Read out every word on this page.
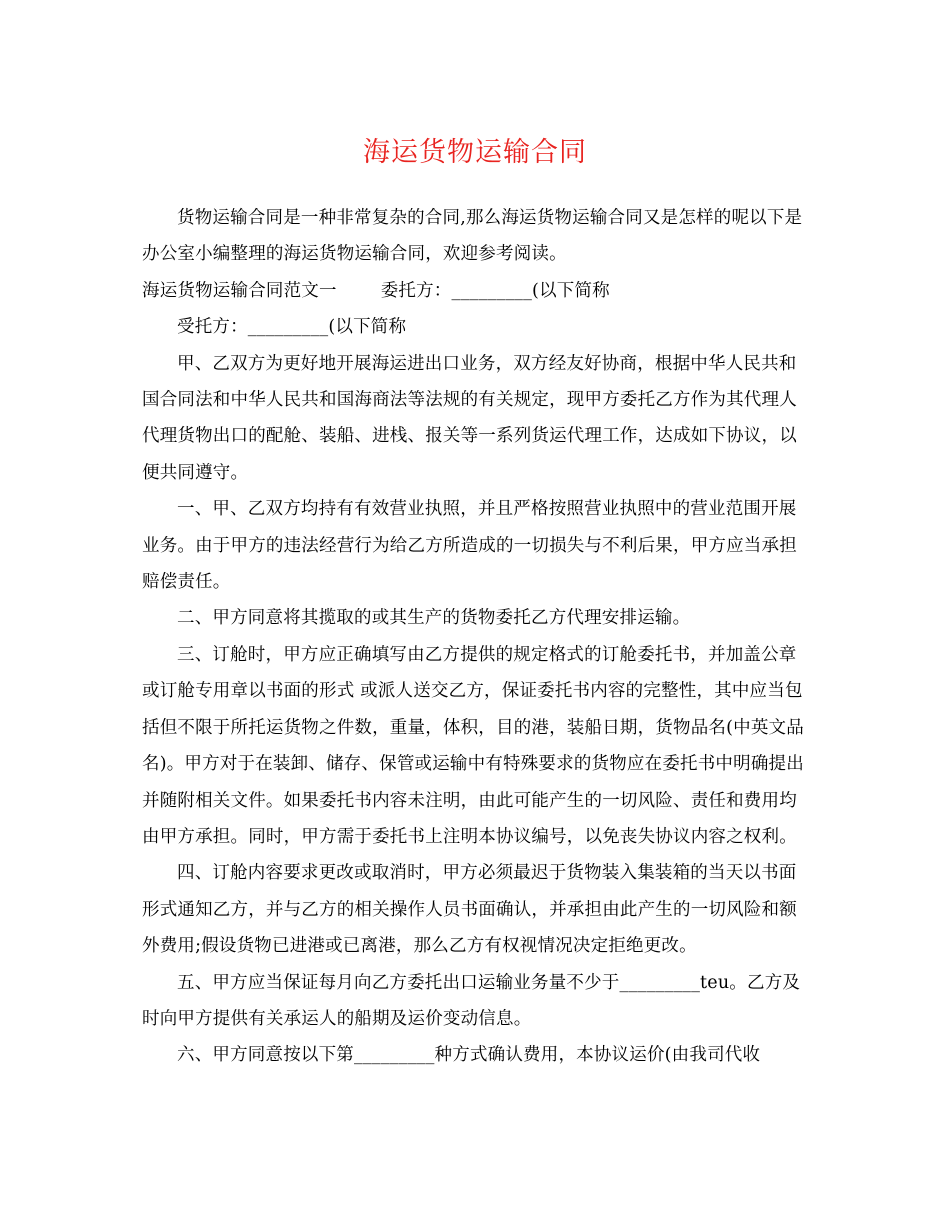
海运货物运输合同

货物运输合同是一种非常复杂的合同,那么海运货物运输合同又是怎样的呢以下是办公室小编整理的海运货物运输合同，欢迎参考阅读。

海运货物运输合同范文一	委托方：_________(以下简称

受托方：_________(以下简称

甲、乙双方为更好地开展海运进出口业务，双方经友好协商，根据中华人民共和国合同法和中华人民共和国海商法等法规的有关规定，现甲方委托乙方作为其代理人代理货物出口的配舱、装船、进栈、报关等一系列货运代理工作，达成如下协议，以便共同遵守。

一、甲、乙双方均持有有效营业执照，并且严格按照营业执照中的营业范围开展业务。由于甲方的违法经营行为给乙方所造成的一切损失与不利后果，甲方应当承担赔偿责任。

二、甲方同意将其揽取的或其生产的货物委托乙方代理安排运输。

三、订舱时，甲方应正确填写由乙方提供的规定格式的订舱委托书，并加盖公章或订舱专用章以书面的形式 或派人送交乙方，保证委托书内容的完整性，其中应当包括但不限于所托运货物之件数，重量，体积，目的港，装船日期，货物品名(中英文品名)。甲方对于在装卸、储存、保管或运输中有特殊要求的货物应在委托书中明确提出并随附相关文件。如果委托书内容未注明，由此可能产生的一切风险、责任和费用均由甲方承担。同时，甲方需于委托书上注明本协议编号，以免丧失协议内容之权利。

四、订舱内容要求更改或取消时，甲方必须最迟于货物装入集装箱的当天以书面形式通知乙方，并与乙方的相关操作人员书面确认，并承担由此产生的一切风险和额外费用;假设货物已进港或已离港，那么乙方有权视情况决定拒绝更改。

五、甲方应当保证每月向乙方委托出口运输业务量不少于_________teu。乙方及时向甲方提供有关承运人的船期及运价变动信息。

六、甲方同意按以下第_________种方式确认费用，本协议运价(由我司代收
